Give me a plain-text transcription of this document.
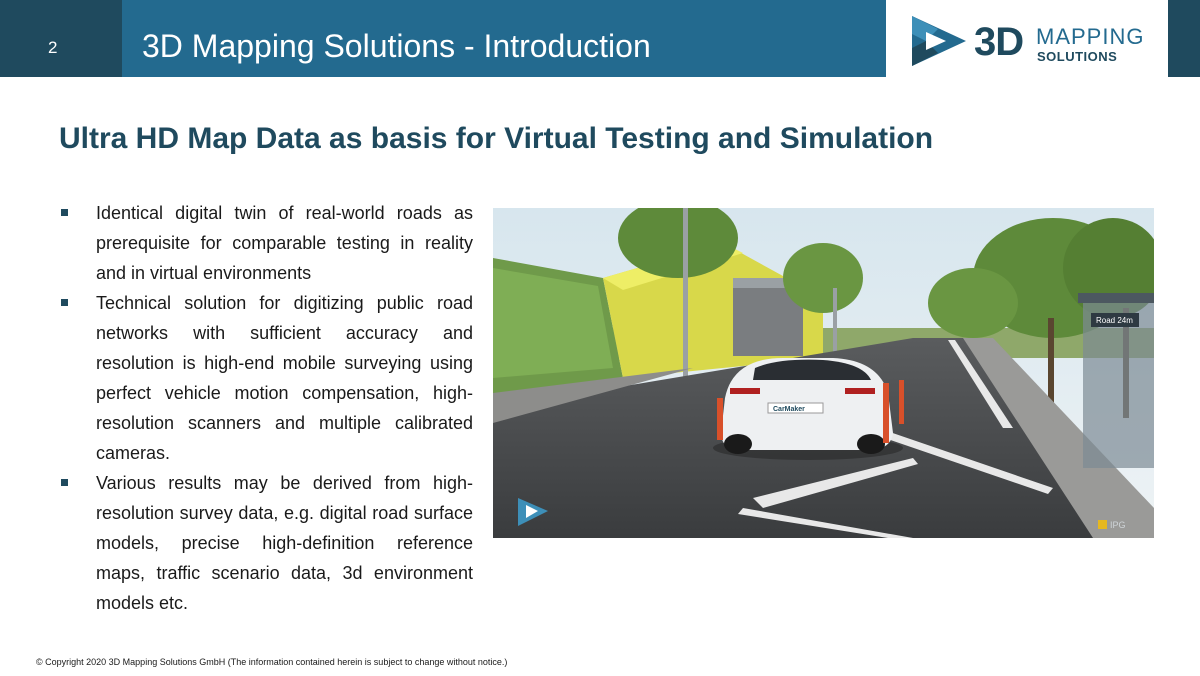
2	3D Mapping Solutions - Introduction	3D MAPPING
SOLUTIONS
Ultra HD Map Data as basis for Virtual Testing and Simulation
Identical digital twin of real-world roads as prerequisite for comparable testing in reality and in virtual environments
Technical solution for digitizing public road networks with sufficient accuracy and resolution is high-end mobile surveying using perfect vehicle motion compensation, high-resolution scanners and multiple calibrated cameras.
Various results may be derived from high-resolution survey data, e.g. digital road surface models, precise high-definition reference maps, traffic scenario data, 3d environment models etc.
Road 24m
CarMaker
IPG
© Copyright 2020 3D Mapping Solutions GmbH (The information contained herein is subject to change without notice.)
